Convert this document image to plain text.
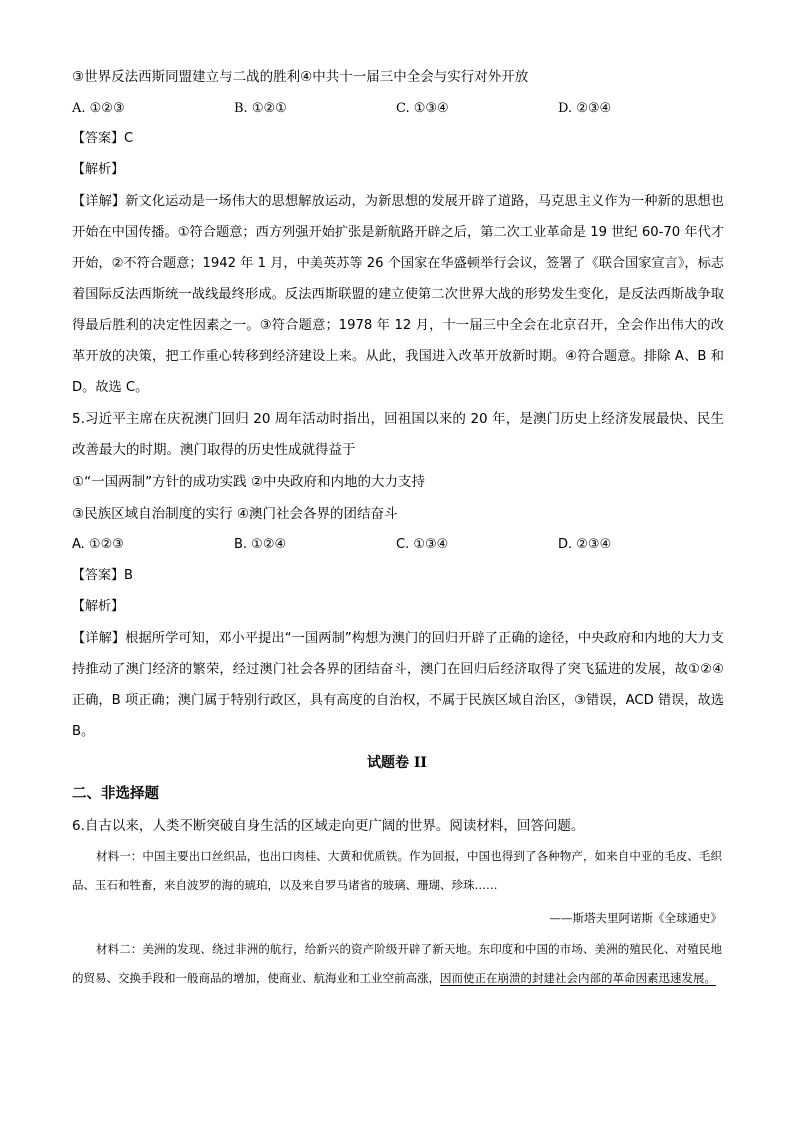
③世界反法西斯同盟建立与二战的胜利④中共十一届三中全会与实行对外开放
A. ①②③	B. ①②①	C. ①③④	D. ②③④
【答案】C
【解析】
【详解】新文化运动是一场伟大的思想解放运动，为新思想的发展开辟了道路，马克思主义作为一种新的思想也开始在中国传播。①符合题意；西方列强开始扩张是新航路开辟之后，第二次工业革命是 19 世纪 60-70 年代才开始，②不符合题意；1942 年 1 月，中美英苏等 26 个国家在华盛顿举行会议，签署了《联合国家宣言》，标志着国际反法西斯统一战线最终形成。反法西斯联盟的建立使第二次世界大战的形势发生变化，是反法西斯战争取得最后胜利的决定性因素之一。③符合题意；1978 年 12 月，十一届三中全会在北京召开，全会作出伟大的改革开放的决策，把工作重心转移到经济建设上来。从此，我国进入改革开放新时期。④符合题意。排除 A、B 和 D。故选 C。
5.习近平主席在庆祝澳门回归 20 周年活动时指出，回祖国以来的 20 年，是澳门历史上经济发展最快、民生改善最大的时期。澳门取得的历史性成就得益于
①“一国两制”方针的成功实践 ②中央政府和内地的大力支持
③民族区域自治制度的实行 ④澳门社会各界的团结奋斗
A. ①②③	B. ①②④	C. ①③④	D. ②③④
【答案】B
【解析】
【详解】根据所学可知，邓小平提出“一国两制”构想为澳门的回归开辟了正确的途径，中央政府和内地的大力支持推动了澳门经济的繁荣，经过澳门社会各界的团结奋斗，澳门在回归后经济取得了突飞猛进的发展，故①②④正确，B 项正确；澳门属于特别行政区，具有高度的自治权，不属于民族区域自治区，③错误，ACD 错误，故选 B。
试题卷 II
二、非选择题
6.自古以来，人类不断突破自身生活的区域走向更广阔的世界。阅读材料，回答问题。
材料一：中国主要出口丝织品，也出口肉桂、大黄和优质铁。作为回报，中国也得到了各种物产，如来自中亚的毛皮、毛织品、玉石和牲畜，来自波罗的海的琥珀，以及来自罗马诸省的玻璃、珊瑚、珍珠……
——斯塔夫里阿诺斯《全球通史》
材料二：美洲的发现、绕过非洲的航行，给新兴的资产阶级开辟了新天地。东印度和中国的市场、美洲的殖民化、对殖民地的贸易、交换手段和一般商品的增加，使商业、航海业和工业空前高涨，因而使正在崩溃的封建社会内部的革命因素迅速发展。
